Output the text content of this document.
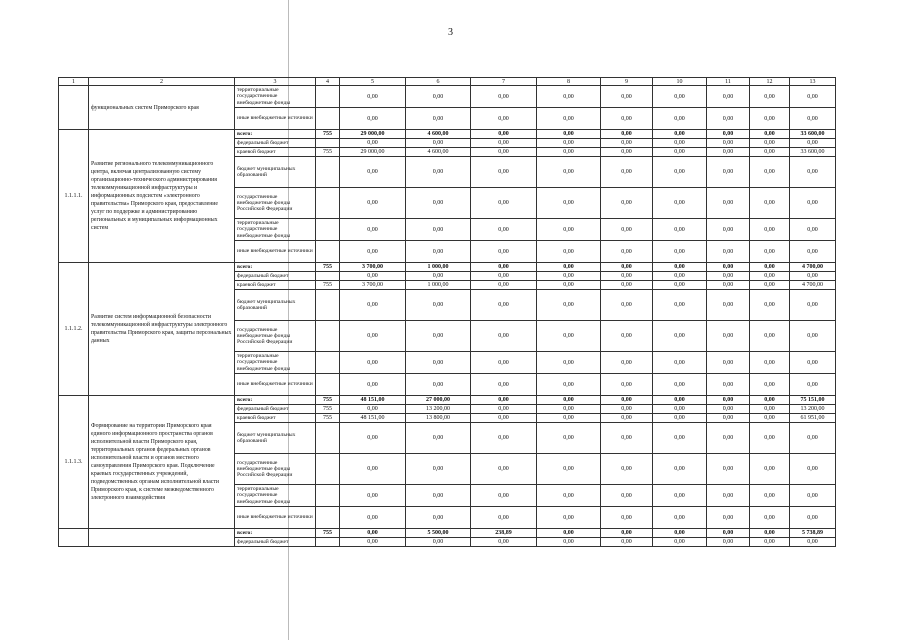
3
1	2	3	4	5	6	7	8	9	10	11	12	13
	функциональных систем Приморского края	территориальные государственные внебюджетные фонды		0,00	0,00	0,00	0,00	0,00	0,00	0,00	0,00	0,00
		иные внебюджетные источники		0,00	0,00	0,00	0,00	0,00	0,00	0,00	0,00	0,00
1.1.1.1.	Развитие регионального телекоммуникационного центра, включая централизованную систему организационно-технического администрирования телекоммуникационной инфраструктуры и информационных подсистем «электронного правительства» Приморского края, предоставление услуг по поддержке и администрированию региональных и муниципальных информационных систем	всего:	755	29 000,00	4 600,00	0,00	0,00	0,00	0,00	0,00	0,00	33 600,00
		федеральный бюджет		0,00	0,00	0,00	0,00	0,00	0,00	0,00	0,00	0,00
		краевой бюджет	755	29 000,00	4 600,00	0,00	0,00	0,00	0,00	0,00	0,00	33 600,00
		бюджет муниципальных образований		0,00	0,00	0,00	0,00	0,00	0,00	0,00	0,00	0,00
		государственные внебюджетные фонды Российской Федерации		0,00	0,00	0,00	0,00	0,00	0,00	0,00	0,00	0,00
		территориальные государственные внебюджетные фонды		0,00	0,00	0,00	0,00	0,00	0,00	0,00	0,00	0,00
		иные внебюджетные источники		0,00	0,00	0,00	0,00	0,00	0,00	0,00	0,00	0,00
1.1.1.2.	Развитие систем информационной безопасности телекоммуникационной инфраструктуры электронного правительства Приморского края, защиты персональных данных	всего:	755	3 700,00	1 000,00	0,00	0,00	0,00	0,00	0,00	0,00	4 700,00
		федеральный бюджет		0,00	0,00	0,00	0,00	0,00	0,00	0,00	0,00	0,00
		краевой бюджет	755	3 700,00	1 000,00	0,00	0,00	0,00	0,00	0,00	0,00	4 700,00
		бюджет муниципальных образований		0,00	0,00	0,00	0,00	0,00	0,00	0,00	0,00	0,00
		государственные внебюджетные фонды Российской Федерации		0,00	0,00	0,00	0,00	0,00	0,00	0,00	0,00	0,00
		территориальные государственные внебюджетные фонды		0,00	0,00	0,00	0,00	0,00	0,00	0,00	0,00	0,00
		иные внебюджетные источники		0,00	0,00	0,00	0,00	0,00	0,00	0,00	0,00	0,00
1.1.1.3.	Формирование на территории Приморского края единого информационного пространства органов исполнительной власти Приморского края, территориальных органов федеральных органов исполнительной власти и органов местного самоуправления Приморского края. Подключение краевых государственных учреждений, подведомственных органам исполнительной власти Приморского края, к системе межведомственного электронного взаимодействия	всего:	755	48 151,00	27 000,00	0,00	0,00	0,00	0,00	0,00	0,00	75 151,00
		федеральный бюджет	755	0,00	13 200,00	0,00	0,00	0,00	0,00	0,00	0,00	13 200,00
		краевой бюджет	755	48 151,00	13 800,00	0,00	0,00	0,00	0,00	0,00	0,00	61 951,00
		бюджет муниципальных образований		0,00	0,00	0,00	0,00	0,00	0,00	0,00	0,00	0,00
		государственные внебюджетные фонды Российской Федерации		0,00	0,00	0,00	0,00	0,00	0,00	0,00	0,00	0,00
		территориальные государственные внебюджетные фонды		0,00	0,00	0,00	0,00	0,00	0,00	0,00	0,00	0,00
		иные внебюджетные источники		0,00	0,00	0,00	0,00	0,00	0,00	0,00	0,00	0,00
		всего:	755	0,00	5 500,00	238,89	0,00	0,00	0,00	0,00	0,00	5 738,89
		федеральный бюджет		0,00	0,00	0,00	0,00	0,00	0,00	0,00	0,00	0,00
